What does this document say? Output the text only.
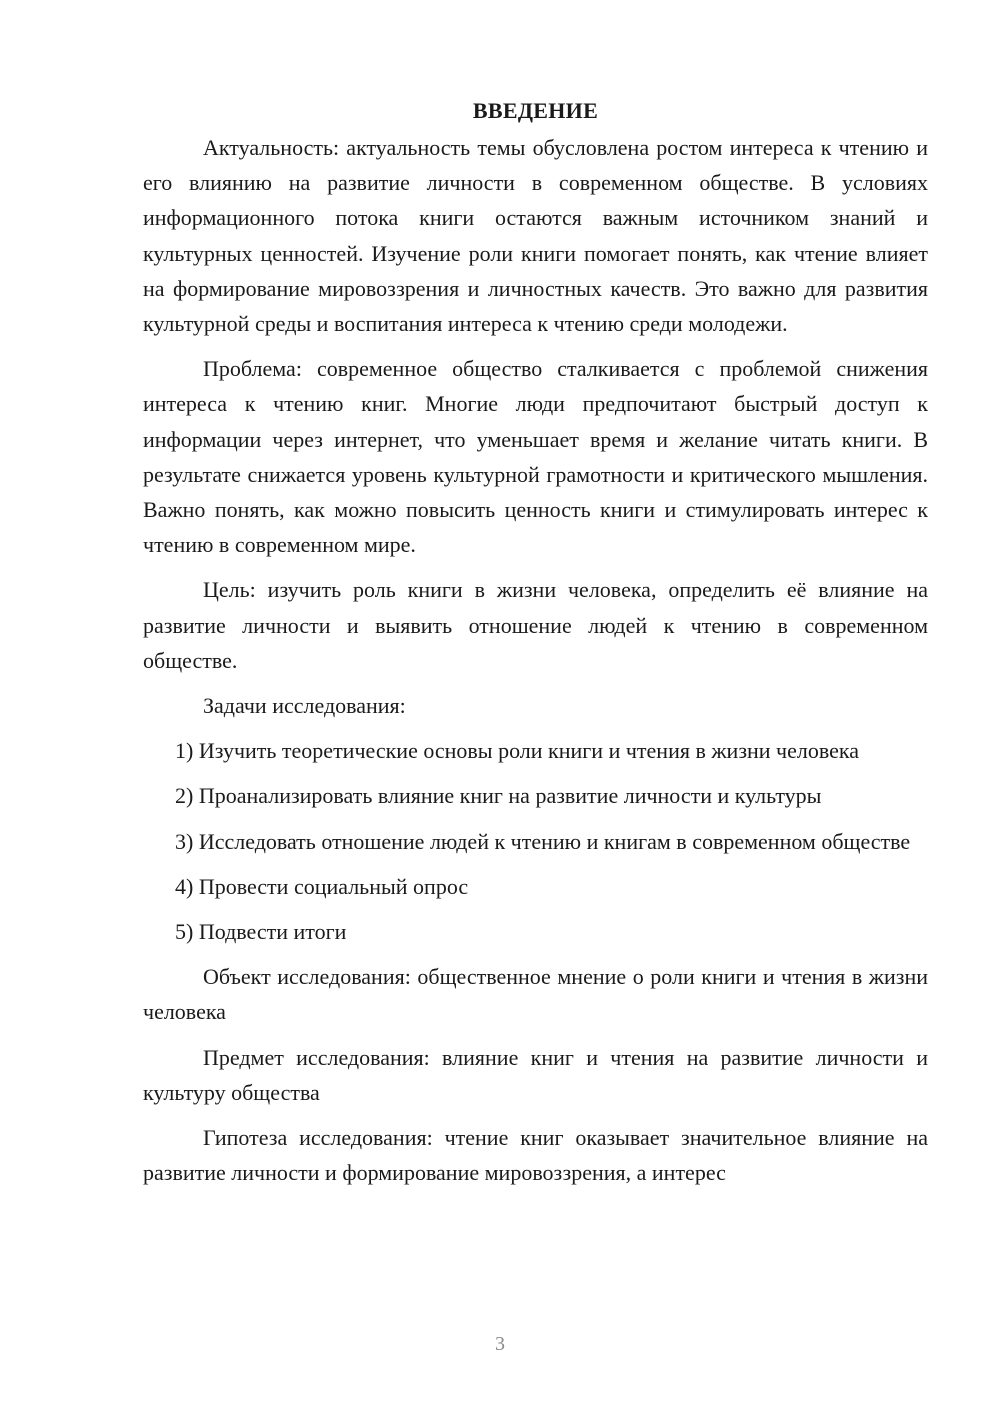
ВВЕДЕНИЕ

Актуальность: актуальность темы обусловлена ростом интереса к чтению и его влиянию на развитие личности в современном обществе. В условиях информационного потока книги остаются важным источником знаний и культурных ценностей. Изучение роли книги помогает понять, как чтение влияет на формирование мировоззрения и личностных качеств. Это важно для развития культурной среды и воспитания интереса к чтению среди молодежи.

Проблема: современное общество сталкивается с проблемой снижения интереса к чтению книг. Многие люди предпочитают быстрый доступ к информации через интернет, что уменьшает время и желание читать книги. В результате снижается уровень культурной грамотности и критического мышления. Важно понять, как можно повысить ценность книги и стимулировать интерес к чтению в современном мире.

Цель: изучить роль книги в жизни человека, определить её влияние на развитие личности и выявить отношение людей к чтению в современном обществе.

Задачи исследования:

1) Изучить теоретические основы роли книги и чтения в жизни человека

2) Проанализировать влияние книг на развитие личности и культуры

3) Исследовать отношение людей к чтению и книгам в современном обществе

4) Провести социальный опрос

5) Подвести итоги

Объект исследования: общественное мнение о роли книги и чтения в жизни человека

Предмет исследования: влияние книг и чтения на развитие личности и культуру общества

Гипотеза исследования: чтение книг оказывает значительное влияние на развитие личности и формирование мировоззрения, а интерес

3
